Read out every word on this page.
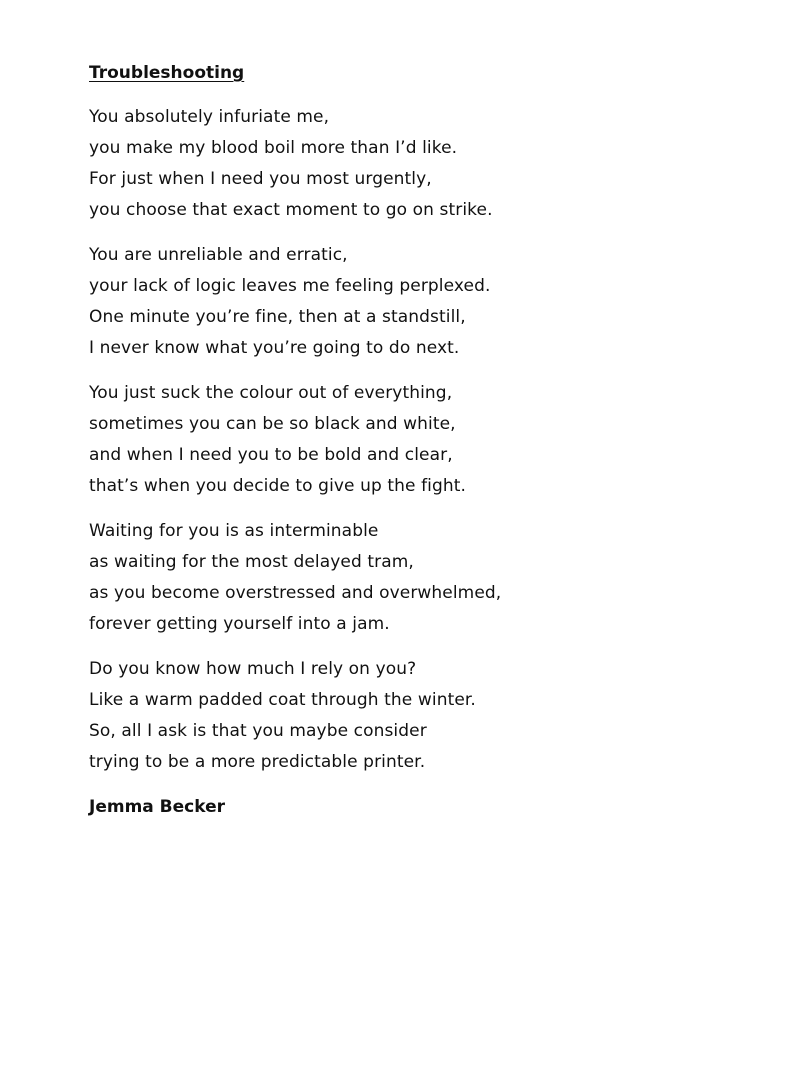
Troubleshooting
You absolutely infuriate me,
you make my blood boil more than I’d like.
For just when I need you most urgently,
you choose that exact moment to go on strike.
You are unreliable and erratic,
your lack of logic leaves me feeling perplexed.
One minute you’re fine, then at a standstill,
I never know what you’re going to do next.
You just suck the colour out of everything,
sometimes you can be so black and white,
and when I need you to be bold and clear,
that’s when you decide to give up the fight.
Waiting for you is as interminable
as waiting for the most delayed tram,
as you become overstressed and overwhelmed,
forever getting yourself into a jam.
Do you know how much I rely on you?
Like a warm padded coat through the winter.
So, all I ask is that you maybe consider
trying to be a more predictable printer.
Jemma Becker
